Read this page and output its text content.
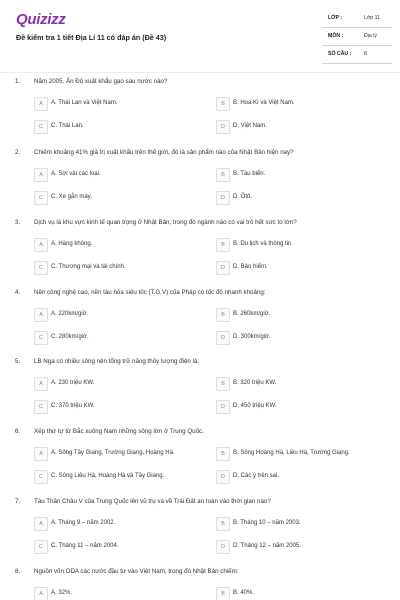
Quizizz
Đề kiểm tra 1 tiết Địa Lí 11 có đáp án (Đề 43)
LỚP :	Lớp 11
MÔN :	Địa lý
SỐ CÂU : 8
1. Năm 2005, Ấn Độ xuất khẩu gạo sau nước nào?
A	A. Thái Lan và Việt Nam.	B	B. Hoa Kì và Việt Nam.
C	C. Thái Lan.	D	D. Việt Nam.
2. Chiếm khoảng 41% giá trị xuất khẩu trên thế giới, đó là sản phẩm nào của Nhật Bản hiện nay?
A	A. Sợi vải các loại.	B	B. Tàu biển.
C	C. Xe gắn máy.	D	D. Ôtô.
3. Dịch vụ là khu vực kinh tế quan trọng ở Nhật Bản, trong đó ngành nào có vai trò hết sức to lớn?
A	A. Hàng không.	B	B. Du lịch và thông tin.
C	C. Thương mại và tài chính.	D	D. Bảo hiểm.
4. Nền công nghệ cao, nền tàu hỏa siêu tốc (T.G.V) của Pháp có tốc độ nhanh khoảng:
A	A. 220km/giờ.	B	B. 260km/giờ.
C	C. 280km/giờ.	D	D. 300km/giờ.
5. LB Nga có nhiều sông nên tổng trữ năng thủy lượng điện là:
A	A. 230 triệu KW.	B	B. 320 triệu KW.
C	C. 370 triệu KW.	D	D. 450 triệu KW.
6. Xếp thứ tự từ Bắc xuống Nam những sông lớn ở Trung Quốc.
A	A. Sông Tây Giang, Trường Giang, Hoàng Hà.	B	B. Sông Hoàng Hà, Liêu Hà, Trường Giang.
C	C. Sông Liêu Hà, Hoàng Hà và Tây Giang.	D	D. Các ý trên sai.
7. Tàu Thần Châu V của Trung Quốc lên vũ trụ và về Trái Đất an toàn vào thời gian nào?
A	A. Tháng 9 – năm 2002.	B	B. Tháng 10 – năm 2003.
C	C. Tháng 11 – năm 2004.	D	D. Tháng 12 – năm 2005.
8. Nguồn vốn ODA các nước đầu tư vào Việt Nam, trong đó Nhật Bản chiếm:
A	A. 32%.	B	B. 40%.
